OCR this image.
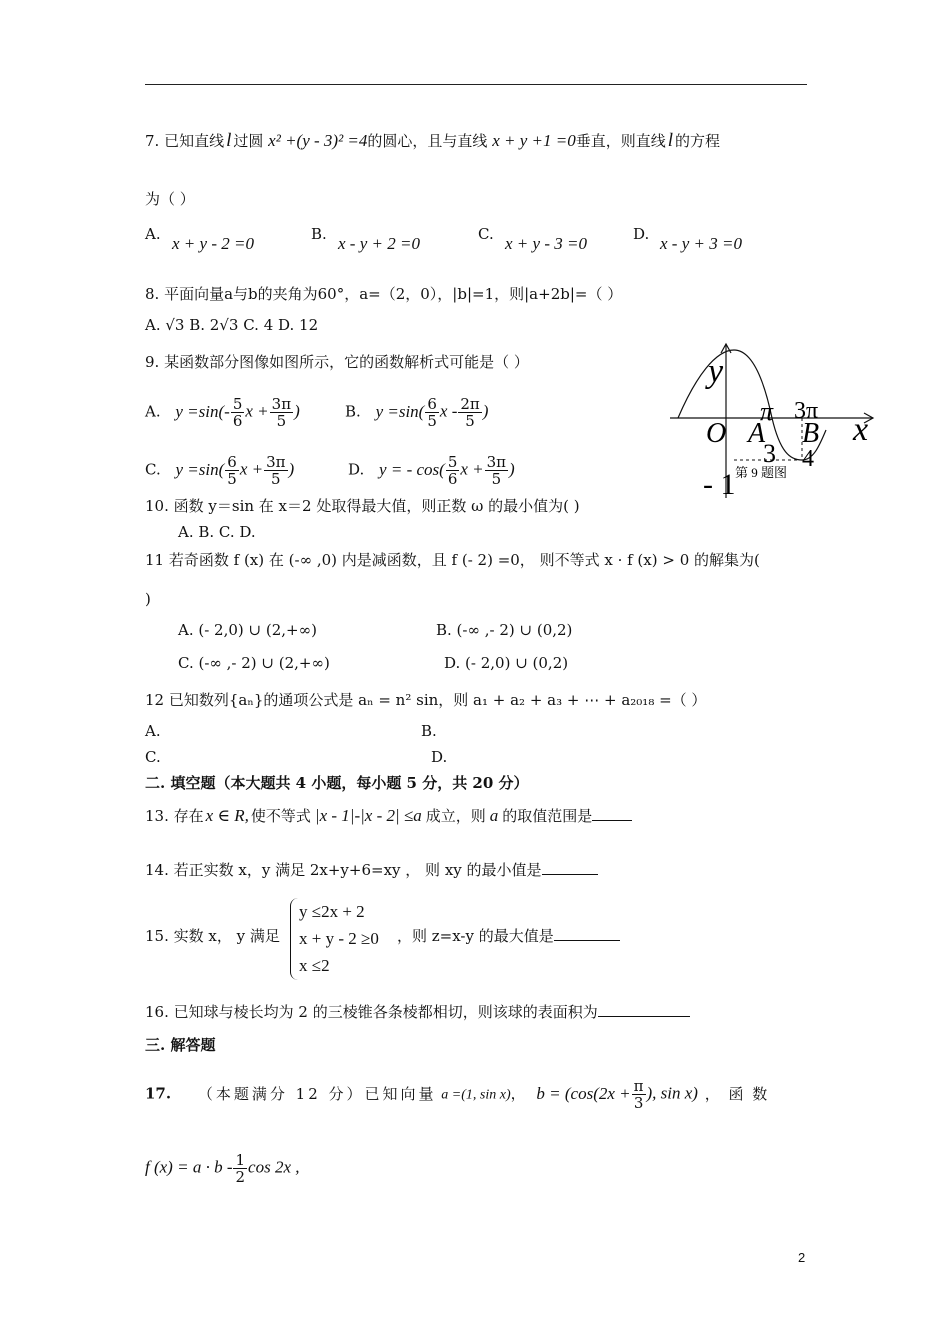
7. 已知直线 l 过圆 x² +(y - 3)² =4的圆心，且与直线 x + y +1 =0垂直，则直线 l 的方程
为（ ）
A. x + y - 2 =0	B. x - y + 2 =0	C. x + y - 3 =0	D. x - y + 3 =0
8. 平面向量a与b的夹角为60°，a=（2，0），|b|=1，则|a+2b|=（ ）
A. √3 B. 2√3 C. 4 D. 12
9. 某函数部分图像如图所示，它的函数解析式可能是（ ）
A. $y =\sin(- \frac{5}{6}$ $x + \frac{3\pi}{5}$ )	B. $y =\sin( \frac{6}{5}$ x - $\frac{2\pi}{5}$ )
C. $y =\sin( \frac{6}{5}$ $x + \frac{3\pi}{5}$ )	D. y = - $\cos( \frac{5}{6}$ $x + \frac{3\pi}{5}$ )
y
x
O A B
π
3
3π
4
- 1 第 9 题图
10. 函数 y＝sin 在 x＝2 处取得最大值，则正数 ω 的最小值为( )
A. B. C. D.
11 若奇函数 f (x) 在 (-∞ ,0) 内是减函数，且 f (- 2) =0， 则不等式 x · f (x) > 0 的解集为(
)
A. (- 2,0) ∪ (2,+∞)	B. (-∞ ,- 2) ∪ (0,2)
C. (-∞ ,- 2) ∪ (2,+∞)	D. (- 2,0) ∪ (0,2)
12 已知数列{aₙ}的通项公式是 aₙ = n² sin，则 a₁ + a₂ + a₃ + ⋯ + a₂₀₁₈ =（ ）
A.	B.
C.	D.
二. 填空题（本大题共 4 小题，每小题 5 分，共 20 分）
13. 存在 x ∈ R, 使不等式 |x - 1|-|x - 2| ≤a 成立，则 a 的取值范围是
14. 若正实数 x，y 满足 2x+y+6=xy ， 则 xy 的最小值是
15. 实数 x， y 满足
y ≤2x + 2
x + y - 2 ≥0
x ≤2
，则 z=x-y 的最大值是
16. 已知球与棱长均为 2 的三棱锥各条棱都相切，则该球的表面积为
三. 解答题
17. （本题满分 12 分）已知向量 a =(1, sin x)， $b = (\cos(2x + \frac{\pi}{3}$ ), sin x) ， 函 数
f $(x) = a \cdot b - \frac{1}{2}$ cos 2x ,
2
